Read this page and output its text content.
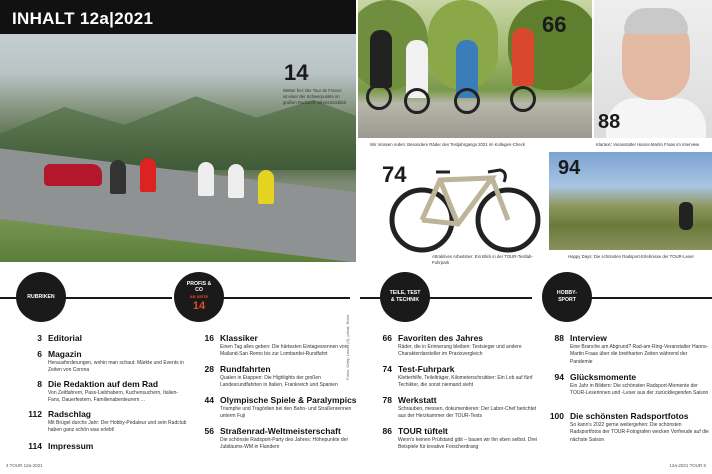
INHALT 12a|2021
14
Wetter frei: Die Tour de France ist einer der Schwerpunkte im großen Radsport-Jahresrückblick
66
Wir müssen reden: Besondere Räder des Testjahrgangs 2021 im Kollegen-Check
88
Klartext: Veranstalter Hanns-Martin Fraas im Interview
74
Attraktives Arbeitstier: Ein Blick in der TOUR-Testlab-Fuhrpark
94
Happy Days: Die schönsten Radsport-Erlebnisse der TOUR-Leser
RUBRIKEN
PROFIS &
CO
AB SEITE
14
TEILE, TEST
& TECHNIK
HOBBY-
SPORT
3 Editorial
6 Magazin
Herausforderungen, wohin man schaut: Märkte und Events in Zeiten von Corona
8 Die Redaktion auf dem Rad
Von Zeitfahrern, Pass-Liebhabern, Kuchensuchern, Italien-Fans, Dauerfestern, Familienabenteurern ...
112 Radschlag
Mit Brügel durchs Jahr: Der Hobby-Pedaleur und sein Radclub haben ganz schön was erlebt!
114 Impressum
16 Klassiker
Einen Tag alles geben: Die härtesten Eintagesrennen von Mailand-San Remo bis zur Lombardei-Rundfahrt
28 Rundfahrten
Qualen in Etappen: Die Highlights der großen Landesrundfahrten in Italien, Frankreich und Spanien
44 Olympische Spiele & Paralympics
Triumphe und Tragödien bei den Bahn- und Straßenrennen unterm Fuji
56 Straßenrad-Weltmeisterschaft
Die schönste Radsport-Party des Jahres: Höhepunkte der Jubiläums-WM in Flandern
Fotos: Getty, Laschi (2), privat, Rotor	66 Favoriten des Jahres
Räder, die in Erinnerung bleiben: Testsieger und andere Charakterdarsteller im Praxisvergleich
74 Test-Fuhrpark
Kletterhilfe, Teilelträger, Kilometerschrubber: Ein Lob auf fünf Techikter, die sonst niemand sieht
78 Werkstatt
Schrauben, messen, dokumentieren: Der Labor-Chef berichtet aus der Herzkammer der TOUR-Tests
86 TOUR tüftelt
Wenn's keinen Prüfstand gibt – bauen wir ihn eben selbst. Drei Beispiele für kreative Forscherdrang
88 Interview
Eine Branche am Abgrund? Rad-am-Ring-Veranstalter Hanns-Martin Fraas über die breitharten Zeiten während der Pandemie
94 Glücksmomente
Ein Jahr in Bildern: Die schönsten Radsport-Momente der TOUR-Leserinnen und -Leser aus der zurückliegenden Saison
100 Die schönsten Radsportfotos
So kann's 2022 gerne weitergehen: Die schönsten Radsportfotos der TOUR-Fotografen wecken Vorfreude auf die nächste Saison
4 TOUR 12a-2021	12a-2021 TOUR 5
